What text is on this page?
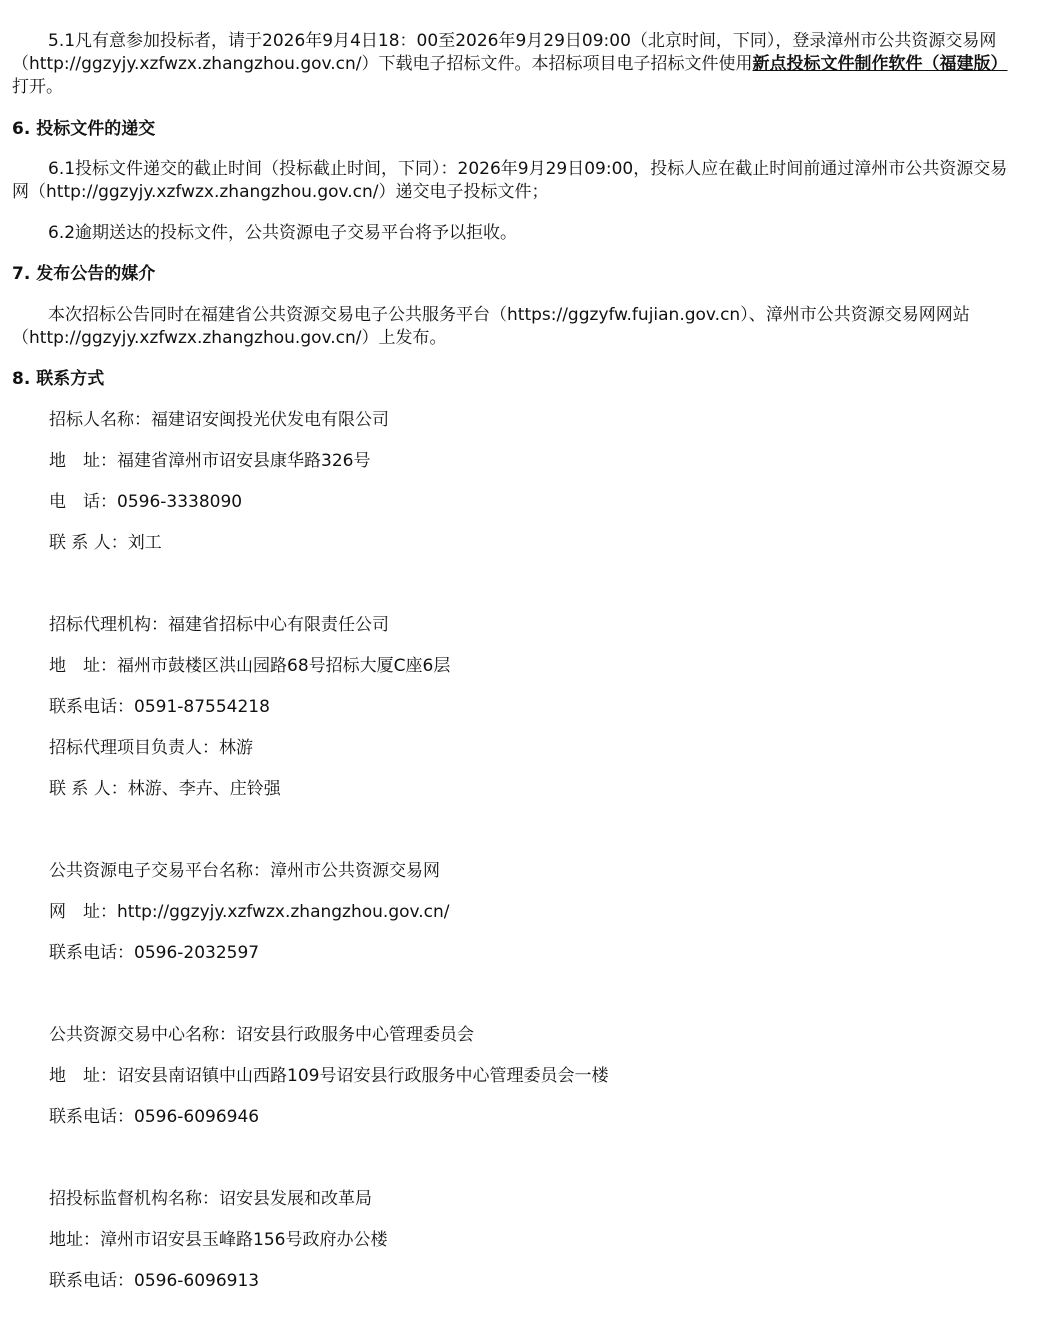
5.1凡有意参加投标者，请于2026年9月4日18：00至2026年9月29日09:00（北京时间，下同），登录漳州市公共资源交易网（http://ggzyjy.xzfwzx.zhangzhou.gov.cn/）下载电子招标文件。本招标项目电子招标文件使用新点投标文件制作软件（福建版）打开。

6. 投标文件的递交

6.1投标文件递交的截止时间（投标截止时间，下同）：2026年9月29日09:00，投标人应在截止时间前通过漳州市公共资源交易网（http://ggzyjy.xzfwzx.zhangzhou.gov.cn/）递交电子投标文件；

6.2逾期送达的投标文件，公共资源电子交易平台将予以拒收。

7. 发布公告的媒介

本次招标公告同时在福建省公共资源交易电子公共服务平台（https://ggzyfw.fujian.gov.cn）、漳州市公共资源交易网网站（http://ggzyjy.xzfwzx.zhangzhou.gov.cn/）上发布。

8. 联系方式

招标人名称：福建诏安闽投光伏发电有限公司

地　址：福建省漳州市诏安县康华路326号

电　话：0596-3338090

联 系 人：刘工

招标代理机构：福建省招标中心有限责任公司

地　址：福州市鼓楼区洪山园路68号招标大厦C座6层

联系电话：0591-87554218

招标代理项目负责人：林游

联 系 人：林游、李卉、庄铃强

公共资源电子交易平台名称：漳州市公共资源交易网

网　址：http://ggzyjy.xzfwzx.zhangzhou.gov.cn/

联系电话：0596-2032597

公共资源交易中心名称：诏安县行政服务中心管理委员会

地　址：诏安县南诏镇中山西路109号诏安县行政服务中心管理委员会一楼

联系电话：0596-6096946

招投标监督机构名称：诏安县发展和改革局

地址：漳州市诏安县玉峰路156号政府办公楼

联系电话：0596-6096913
